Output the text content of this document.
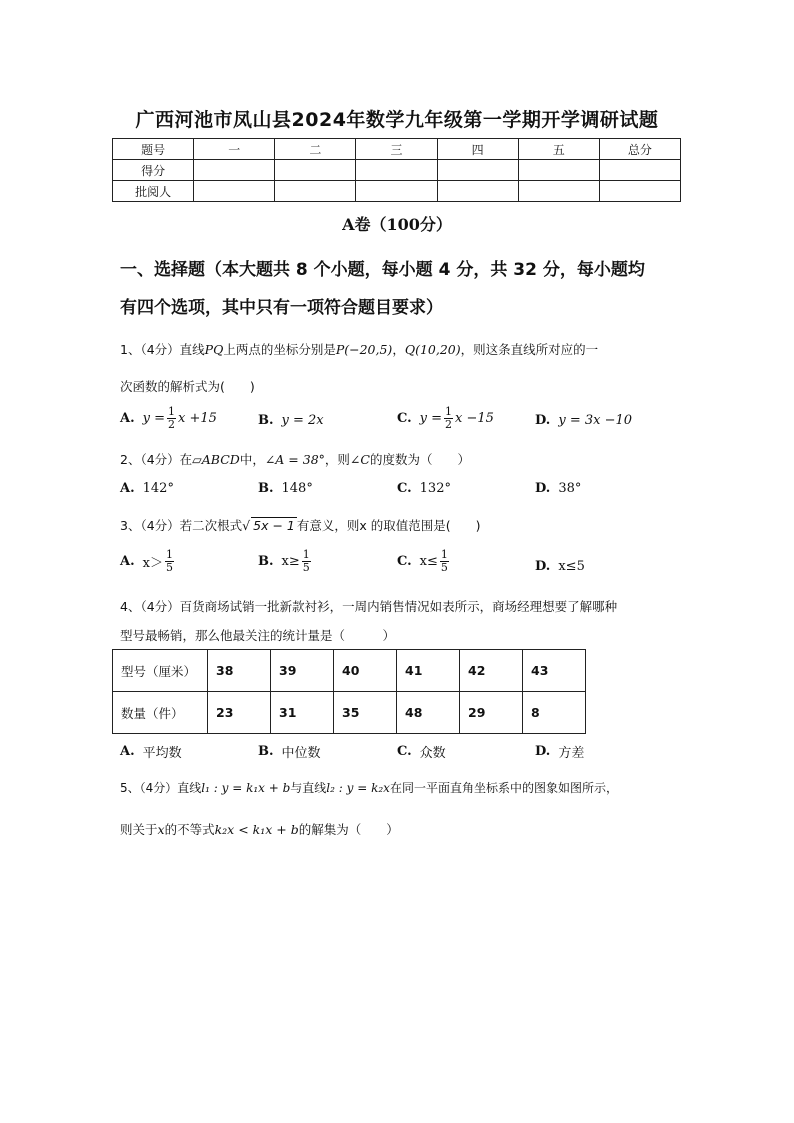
广西河池市凤山县2024年数学九年级第一学期开学调研试题
题号	一	二	三	四	五	总分
得分						
批阅人						
A卷（100分）
一、选择题（本大题共 8 个小题，每小题 4 分，共 32 分，每小题均
有四个选项，其中只有一项符合题目要求）
1、（4分）直线PQ上两点的坐标分别是P(−20,5)，Q(10,20)，则这条直线所对应的一
次函数的解析式为(　　)
A. $y = \frac{1}{2}$ x +15	B. y = 2x	C. $y = \frac{1}{2}$ x −15	D. y = 3x −10
2、（4分）在▱ABCD中，∠A = 38°，则∠C的度数为（　　）
A. 142°	B. 148°	C. 132°	D. 38°
3、（4分）若二次根式√ 5x − 1 有意义，则x 的取值范围是(　　)
A. $x> \frac{1}{5}$	B. $x\ge \frac{1}{5}$	C. $x\le \frac{1}{5}$	D. x≤5
4、（4分）百货商场试销一批新款衬衫，一周内销售情况如表所示，商场经理想要了解哪种
型号最畅销，那么他最关注的统计量是（　　　）
型号（厘米）	38	39	40	41	42	43
数量（件）	23	31	35	48	29	8
A. 平均数	B. 中位数	C. 众数	D. 方差
5、（4分）直线l₁ : y = k₁x + b与直线l₂ : y = k₂x在同一平面直角坐标系中的图象如图所示，
则关于x的不等式k₂x < k₁x + b的解集为（　　）
